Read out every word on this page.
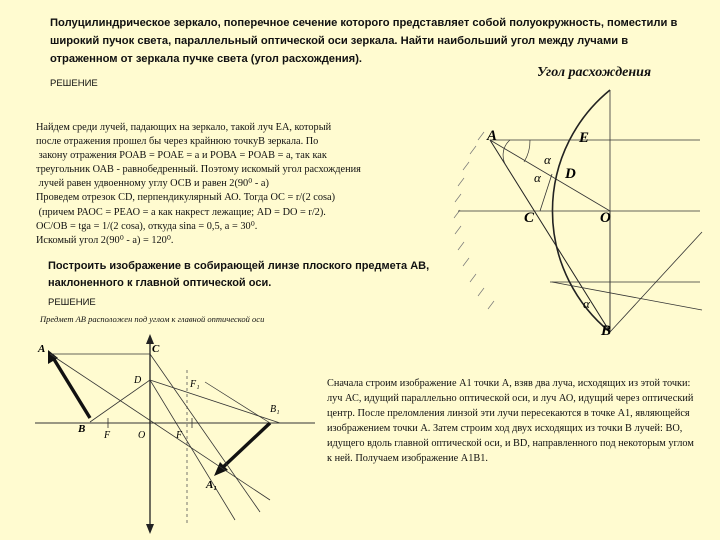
Полуцилиндрическое зеркало, поперечное сечение которого представляет собой полуокружность, поместили в широкий пучок света, параллельный оптической оси зеркала. Найти наибольший угол между лучами в отраженном от зеркала пучке света (угол расхождения).
РЕШЕНИЕ
Угол расхождения
Найдем среди лучей, падающих на зеркало, такой луч ЕА, который
после отражения прошел бы через крайнюю точкуВ зеркала. По
закону отражения РОАВ = РОАЕ = a и РОВА = РОАВ = a, так как
треугольник ОАВ - равнобедренный. Поэтому искомый угол расхождения
лучей равен удвоенному углу ОСВ и равен 2(90⁰ - a)
Проведем отрезок CD, перпендикулярный АО. Тогда ОС = r/(2 cosa)
(причем РАОС = РЕАО = a как накрест лежащие; AD = DO = r/2).
OC/OB = tga = 1/(2 cosa), откуда sina = 0,5, a = 30⁰.
Искомый угол 2(90⁰ - a) = 120⁰.
A	E
D
C	O
B
α
α
α
Построить изображение в собирающей линзе плоского предмета АВ, наклоненного к главной оптической оси.
РЕШЕНИЕ
Предмет АВ расположен под углом к главной оптической оси
A	C
D	F₁
B₁
B
F	O	F
A₁
Сначала строим изображение А1 точки А, взяв два луча, исходящих из этой точки: луч АС, идущий параллельно оптической оси, и луч АО, идущий через оптический центр. После преломления линзой эти лучи пересекаются в точке А1, являющейся изображением точки А. Затем строим ход двух исходящих из точки В лучей: ВО, идущего вдоль главной оптической оси, и BD, направленного под некоторым углом к ней. Получаем изображение А1В1.
